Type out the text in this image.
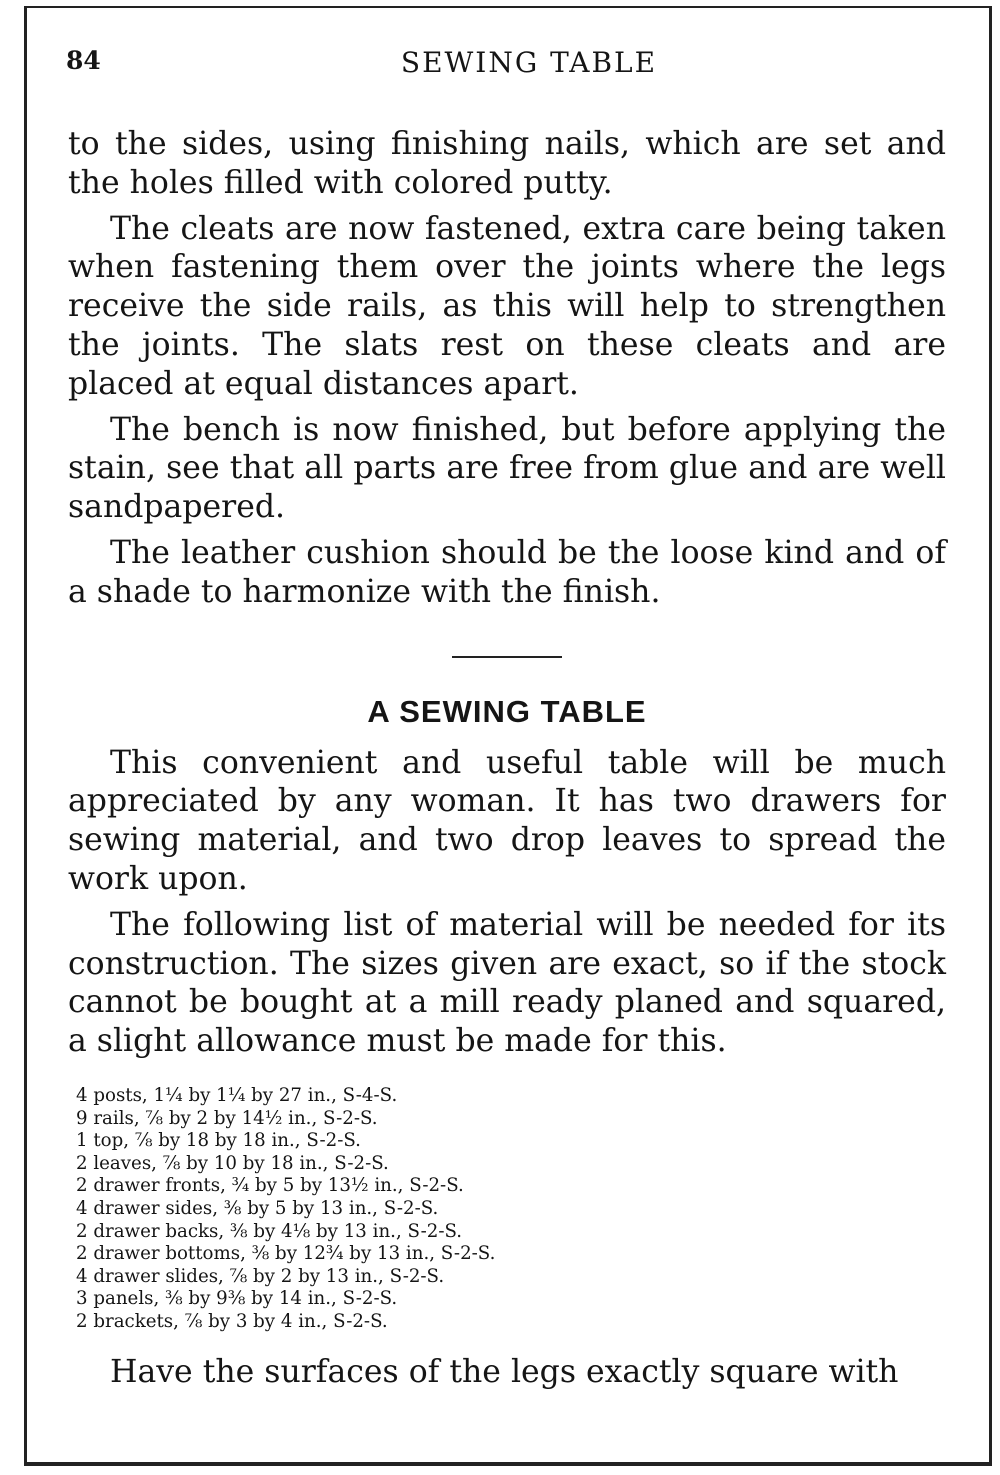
84	SEWING TABLE

to the sides, using finishing nails, which are set and the holes filled with colored putty.

The cleats are now fastened, extra care being taken when fastening them over the joints where the legs receive the side rails, as this will help to strengthen the joints. The slats rest on these cleats and are placed at equal distances apart.

The bench is now finished, but before applying the stain, see that all parts are free from glue and are well sandpapered.

The leather cushion should be the loose kind and of a shade to harmonize with the finish.

A SEWING TABLE

This convenient and useful table will be much appreciated by any woman. It has two drawers for sewing material, and two drop leaves to spread the work upon.

The following list of material will be needed for its construction. The sizes given are exact, so if the stock cannot be bought at a mill ready planed and squared, a slight allowance must be made for this.

4 posts, 1¼ by 1¼ by 27 in., S-4-S.
9 rails, ⅞ by 2 by 14½ in., S-2-S.
1 top, ⅞ by 18 by 18 in., S-2-S.
2 leaves, ⅞ by 10 by 18 in., S-2-S.
2 drawer fronts, ¾ by 5 by 13½ in., S-2-S.
4 drawer sides, ⅜ by 5 by 13 in., S-2-S.
2 drawer backs, ⅜ by 4⅛ by 13 in., S-2-S.
2 drawer bottoms, ⅜ by 12¾ by 13 in., S-2-S.
4 drawer slides, ⅞ by 2 by 13 in., S-2-S.
3 panels, ⅜ by 9⅜ by 14 in., S-2-S.
2 brackets, ⅞ by 3 by 4 in., S-2-S.

Have the surfaces of the legs exactly square with
